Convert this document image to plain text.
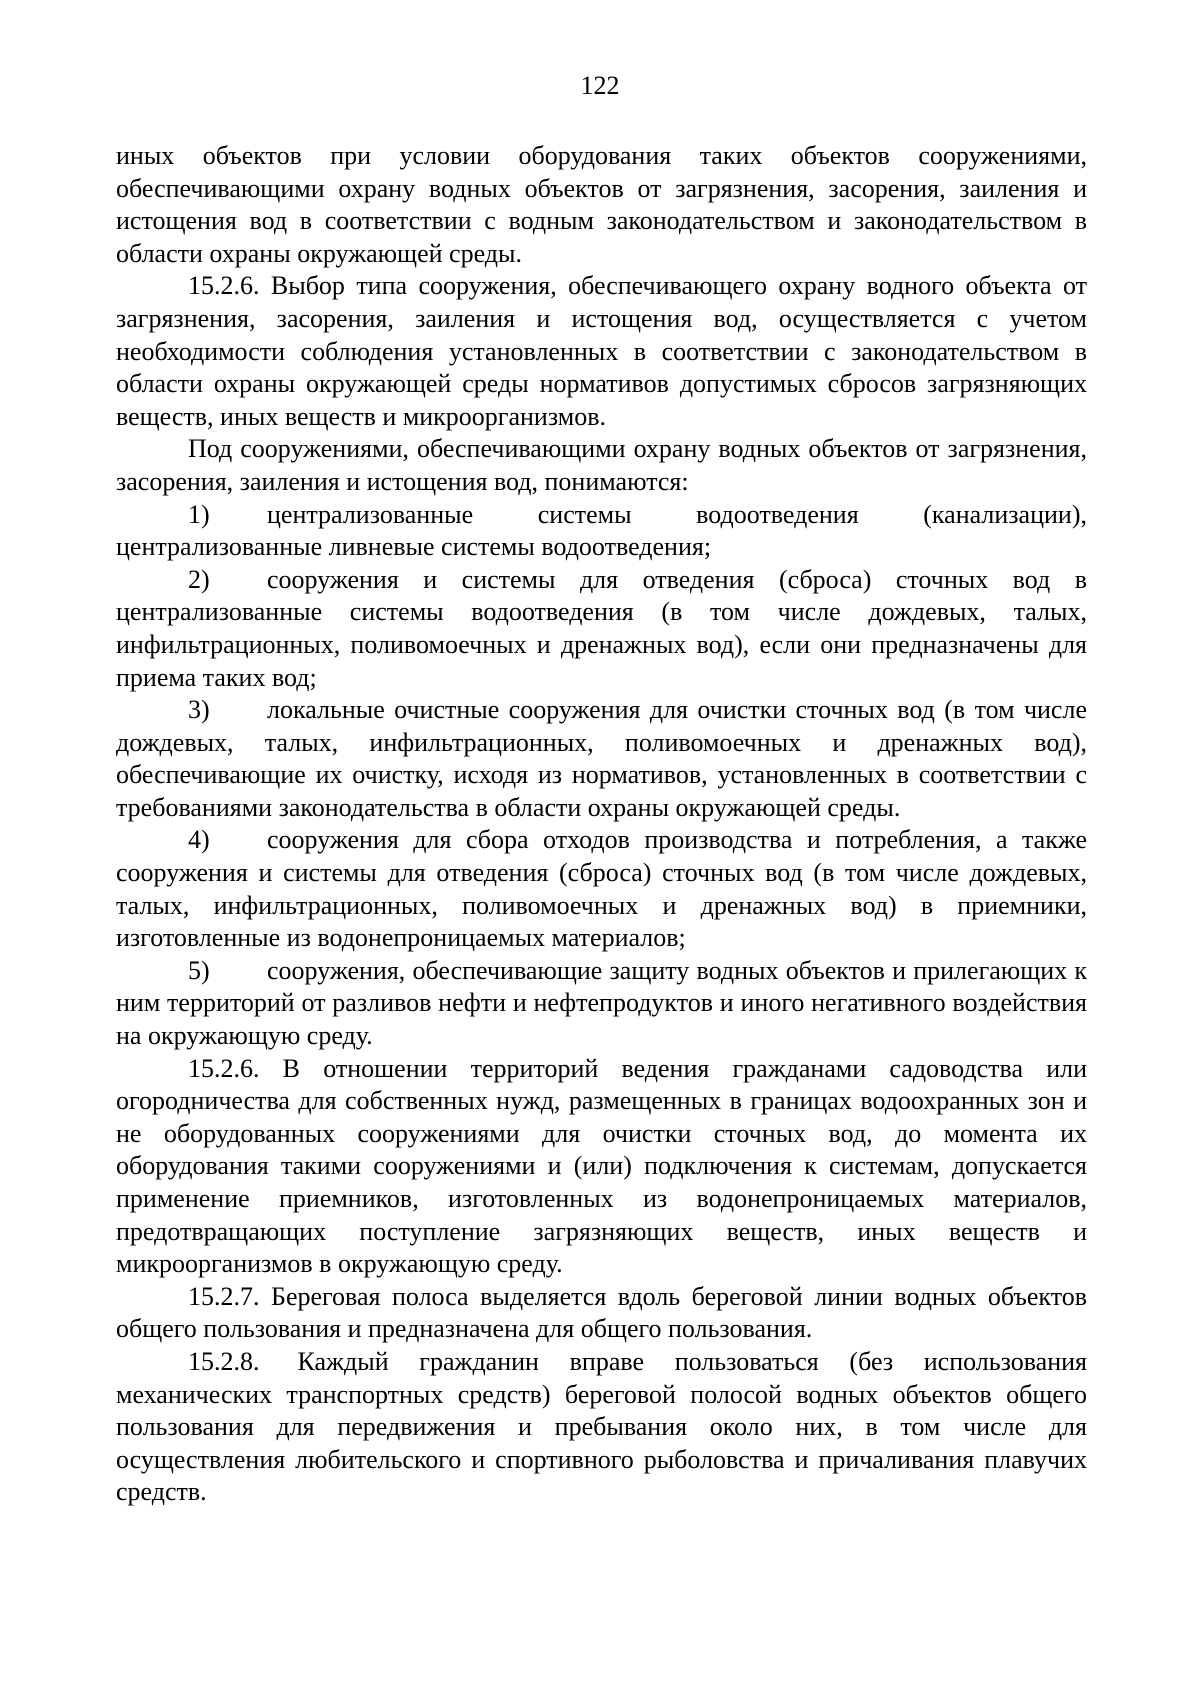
122

иных объектов при условии оборудования таких объектов сооружениями, обеспечивающими охрану водных объектов от загрязнения, засорения, заиления и истощения вод в соответствии с водным законодательством и законодательством в области охраны окружающей среды.

15.2.6. Выбор типа сооружения, обеспечивающего охрану водного объекта от загрязнения, засорения, заиления и истощения вод, осуществляется с учетом необходимости соблюдения установленных в соответствии с законодательством в области охраны окружающей среды нормативов допустимых сбросов загрязняющих веществ, иных веществ и микроорганизмов.

Под сооружениями, обеспечивающими охрану водных объектов от загрязнения, засорения, заиления и истощения вод, понимаются:

1) централизованные системы водоотведения (канализации), централизованные ливневые системы водоотведения;

2) сооружения и системы для отведения (сброса) сточных вод в централизованные системы водоотведения (в том числе дождевых, талых, инфильтрационных, поливомоечных и дренажных вод), если они предназначены для приема таких вод;

3) локальные очистные сооружения для очистки сточных вод (в том числе дождевых, талых, инфильтрационных, поливомоечных и дренажных вод), обеспечивающие их очистку, исходя из нормативов, установленных в соответствии с требованиями законодательства в области охраны окружающей среды.

4) сооружения для сбора отходов производства и потребления, а также сооружения и системы для отведения (сброса) сточных вод (в том числе дождевых, талых, инфильтрационных, поливомоечных и дренажных вод) в приемники, изготовленные из водонепроницаемых материалов;

5) сооружения, обеспечивающие защиту водных объектов и прилегающих к ним территорий от разливов нефти и нефтепродуктов и иного негативного воздействия на окружающую среду.

15.2.6. В отношении территорий ведения гражданами садоводства или огородничества для собственных нужд, размещенных в границах водоохранных зон и не оборудованных сооружениями для очистки сточных вод, до момента их оборудования такими сооружениями и (или) подключения к системам, допускается применение приемников, изготовленных из водонепроницаемых материалов, предотвращающих поступление загрязняющих веществ, иных веществ и микроорганизмов в окружающую среду.

15.2.7. Береговая полоса выделяется вдоль береговой линии водных объектов общего пользования и предназначена для общего пользования.

15.2.8. Каждый гражданин вправе пользоваться (без использования механических транспортных средств) береговой полосой водных объектов общего пользования для передвижения и пребывания около них, в том числе для осуществления любительского и спортивного рыболовства и причаливания плавучих средств.
